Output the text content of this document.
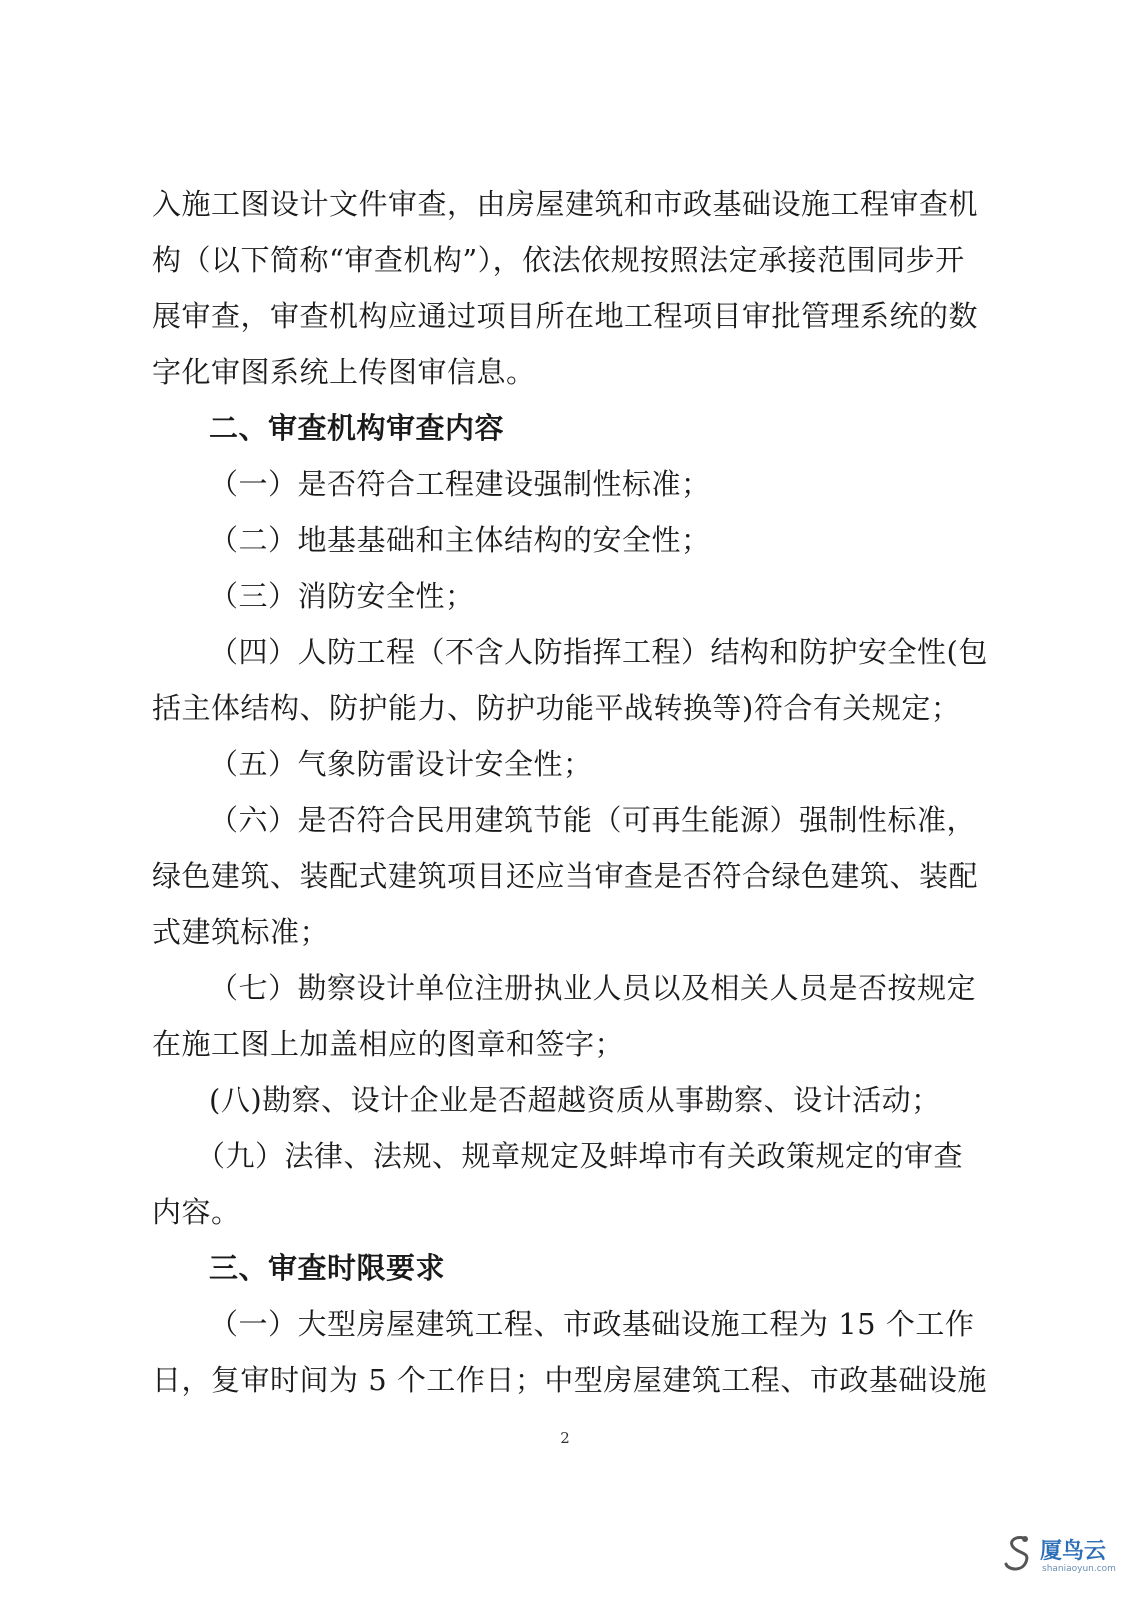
入施工图设计文件审查，由房屋建筑和市政基础设施工程审查机
构（以下简称“审查机构”），依法依规按照法定承接范围同步开
展审查，审查机构应通过项目所在地工程项目审批管理系统的数
字化审图系统上传图审信息。
二、审查机构审查内容
（一）是否符合工程建设强制性标准；
（二）地基基础和主体结构的安全性；
（三）消防安全性；
（四）人防工程（不含人防指挥工程）结构和防护安全性(包
括主体结构、防护能力、防护功能平战转换等)符合有关规定；
（五）气象防雷设计安全性；
（六）是否符合民用建筑节能（可再生能源）强制性标准，
绿色建筑、装配式建筑项目还应当审查是否符合绿色建筑、装配
式建筑标准；
（七）勘察设计单位注册执业人员以及相关人员是否按规定
在施工图上加盖相应的图章和签字；
(八)勘察、设计企业是否超越资质从事勘察、设计活动；
（九）法律、法规、规章规定及蚌埠市有关政策规定的审查
内容。
三、审查时限要求
（一）大型房屋建筑工程、市政基础设施工程为 15 个工作
日，复审时间为 5 个工作日；中型房屋建筑工程、市政基础设施
2
厦鸟云
shaniaoyun.com
